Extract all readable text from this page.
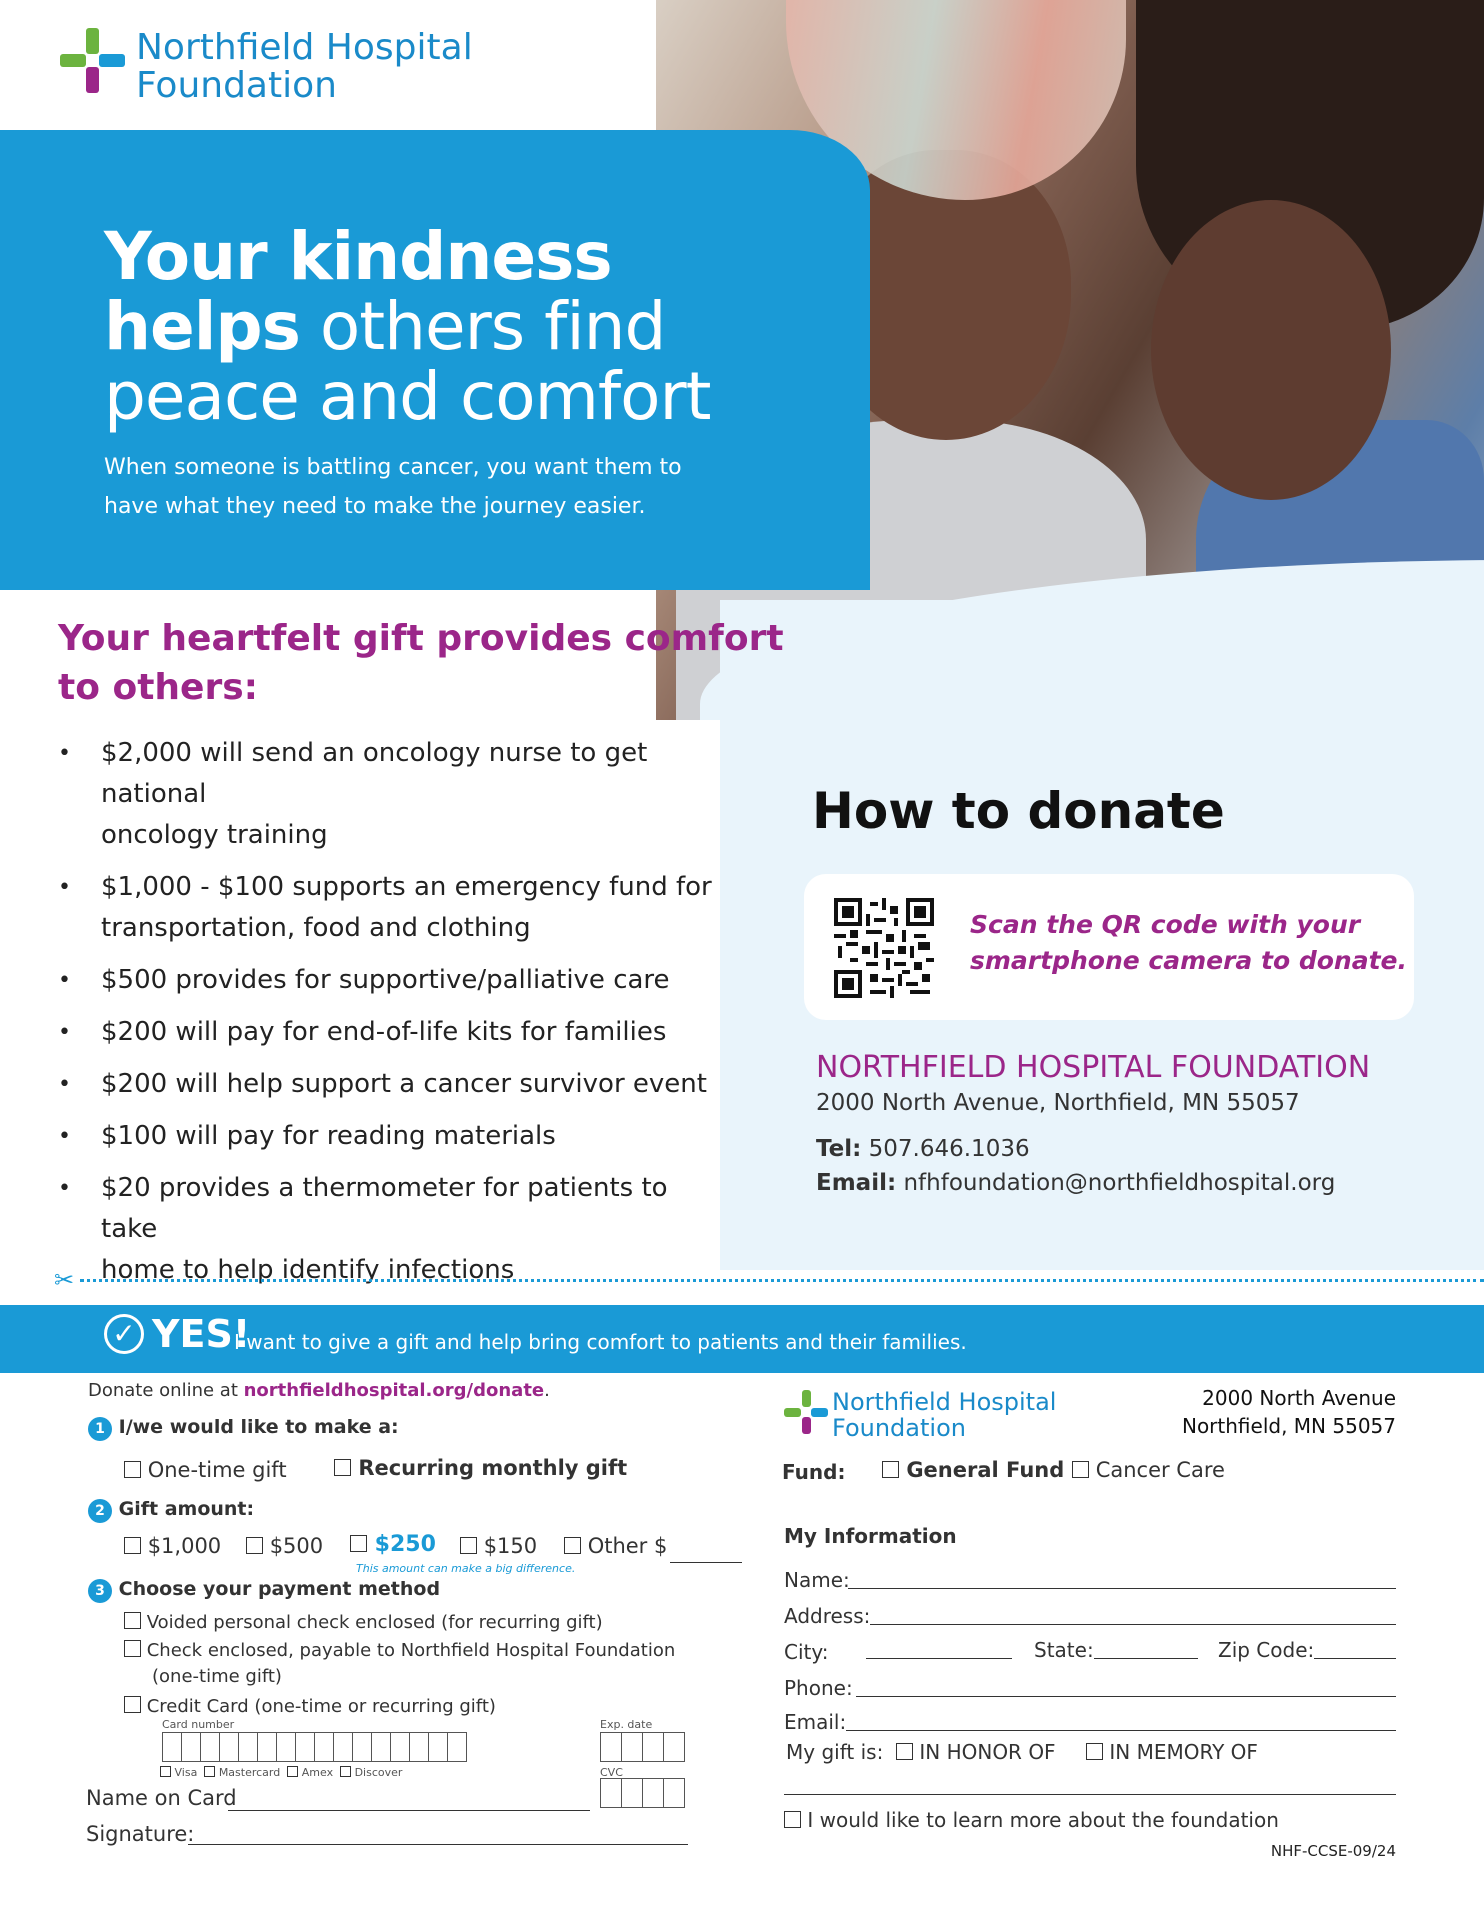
Northfield Hospital
Foundation
Your kindness
helps others find
peace and comfort
When someone is battling cancer, you want them to
have what they need to make the journey easier.
Your heartfelt gift provides comfort
to others:
• $2,000 will send an oncology nurse to get national
oncology training
• $1,000 - $100 supports an emergency fund for
transportation, food and clothing
• $500 provides for supportive/palliative care
• $200 will pay for end-of-life kits for families
• $200 will help support a cancer survivor event
• $100 will pay for reading materials
• $20 provides a thermometer for patients to take
home to help identify infections
How to donate
Scan the QR code with your
smartphone camera to donate.
NORTHFIELD HOSPITAL FOUNDATION
2000 North Avenue, Northfield, MN 55057
Tel: 507.646.1036
Email: nfhfoundation@northfieldhospital.org
✂
✓ YES!
I want to give a gift and help bring comfort to patients and their families.
Donate online at northfieldhospital.org/donate.
1 I/we would like to make a:
One-time gift	Recurring monthly gift
2 Gift amount:
$1,000	$500	$250	$150	Other $
This amount can make a big difference.
3 Choose your payment method
Voided personal check enclosed (for recurring gift)
Check enclosed, payable to Northfield Hospital Foundation
(one-time gift)
Credit Card (one-time or recurring gift)
Card number	Exp. date
CVC
Visa Mastercard Amex Discover
Name on Card
Signature:
Northfield Hospital
Foundation
2000 North Avenue
Northfield, MN 55057
Fund:	General Fund	Cancer Care
My Information
Name:
Address:
City:	State:	Zip Code:
Phone:
Email:
My gift is:	IN HONOR OF	IN MEMORY OF
I would like to learn more about the foundation
NHF-CCSE-09/24
